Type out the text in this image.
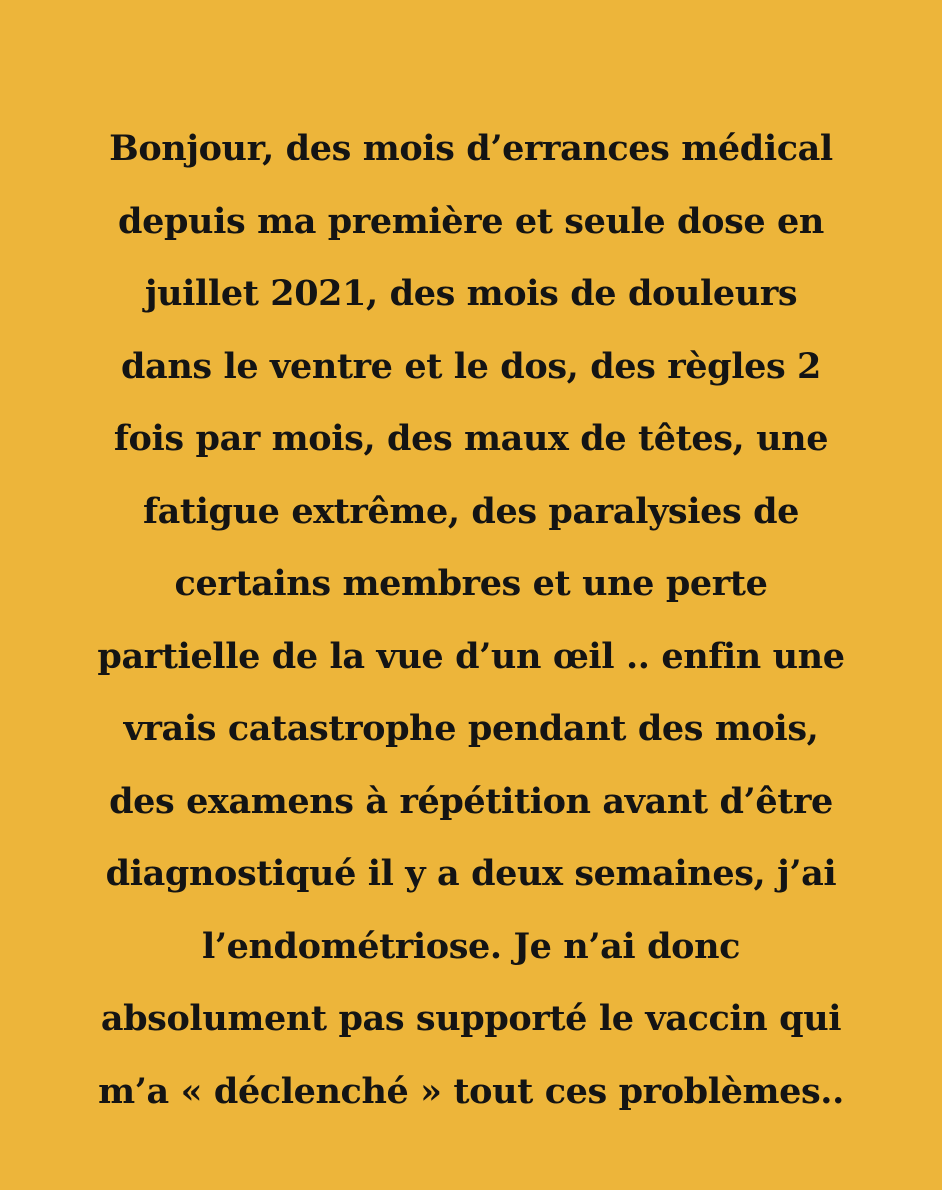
Bonjour, des mois d’errances médical
depuis ma première et seule dose en
juillet 2021, des mois de douleurs
dans le ventre et le dos, des règles 2
fois par mois, des maux de têtes, une
fatigue extrême, des paralysies de
certains membres et une perte
partielle de la vue d’un œil .. enfin une
vrais catastrophe pendant des mois,
des examens à répétition avant d’être
diagnostiqué il y a deux semaines, j’ai
l’endométriose. Je n’ai donc
absolument pas supporté le vaccin qui
m’a « déclenché » tout ces problèmes..
